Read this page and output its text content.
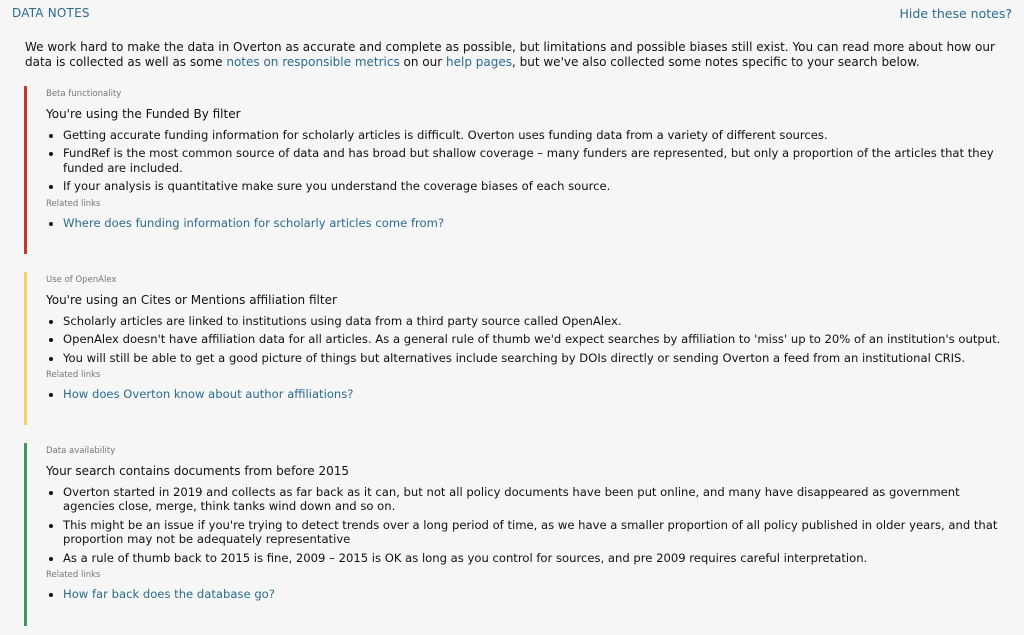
DATA NOTES	Hide these notes?
We work hard to make the data in Overton as accurate and complete as possible, but limitations and possible biases still exist. You can read more about how our data is collected as well as some notes on responsible metrics on our help pages, but we've also collected some notes specific to your search below.

Beta functionality

You're using the Funded By filter

• Getting accurate funding information for scholarly articles is difficult. Overton uses funding data from a variety of different sources.
• FundRef is the most common source of data and has broad but shallow coverage – many funders are represented, but only a proportion of the articles that they funded are included.
• If your analysis is quantitative make sure you understand the coverage biases of each source.

Related links

• Where does funding information for scholarly articles come from?

Use of OpenAlex

You're using an Cites or Mentions affiliation filter

• Scholarly articles are linked to institutions using data from a third party source called OpenAlex.
• OpenAlex doesn't have affiliation data for all articles. As a general rule of thumb we'd expect searches by affiliation to 'miss' up to 20% of an institution's output.
• You will still be able to get a good picture of things but alternatives include searching by DOIs directly or sending Overton a feed from an institutional CRIS.

Related links

• How does Overton know about author affiliations?

Data availability

Your search contains documents from before 2015

• Overton started in 2019 and collects as far back as it can, but not all policy documents have been put online, and many have disappeared as government agencies close, merge, think tanks wind down and so on.
• This might be an issue if you're trying to detect trends over a long period of time, as we have a smaller proportion of all policy published in older years, and that proportion may not be adequately representative
• As a rule of thumb back to 2015 is fine, 2009 – 2015 is OK as long as you control for sources, and pre 2009 requires careful interpretation.

Related links

• How far back does the database go?
